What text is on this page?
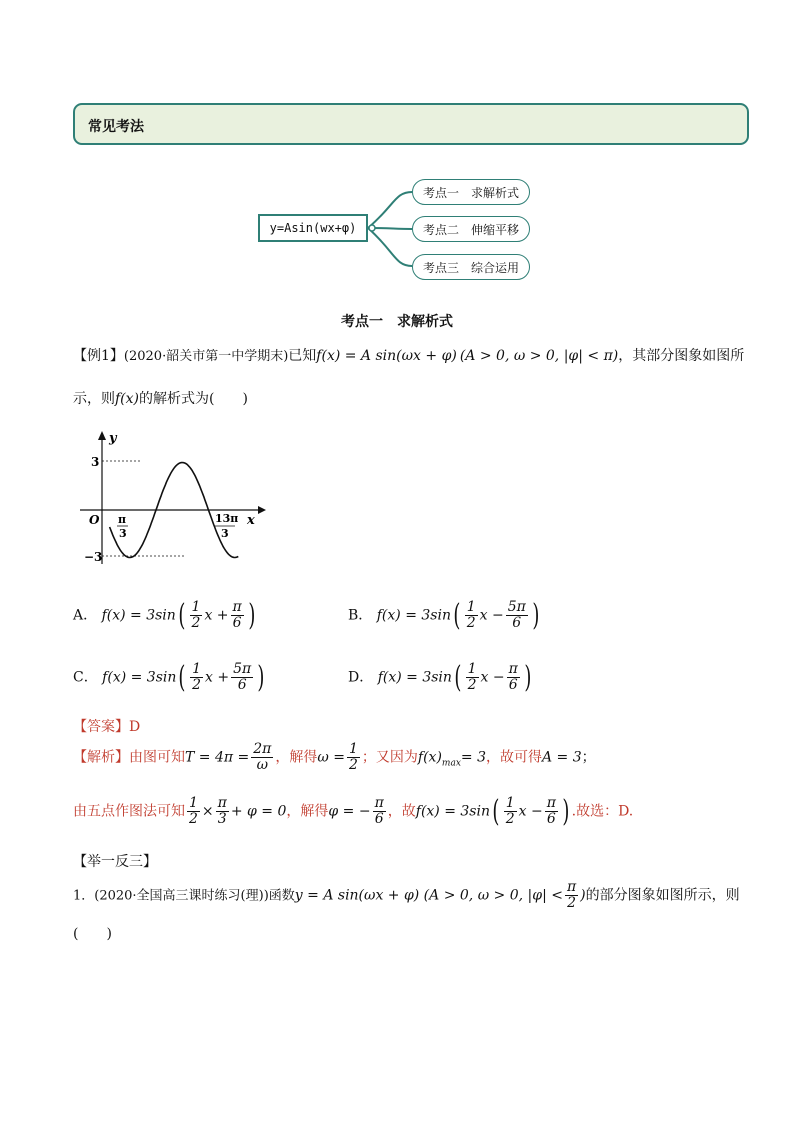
常见考法
y=Asin(wx+φ)
考点一　求解析式
考点二　伸缩平移
考点三　综合运用
考点一　求解析式
【例1】(2020·韶关市第一中学期末)已知f(x) = A sin(ωx + φ) (A > 0, ω > 0, |φ| < π)，其部分图象如图所
示，则f(x)的解析式为(　　)
y
x
O
3
−3
π
3
13π
3
A． $f(x) = 3\sin( \frac{1}{2}$ $x + \frac{\pi}{6}$ )	B． $f(x) = 3\sin( \frac{1}{2}$ $x - \frac{5\pi}{6}$ )
C． $f(x) = 3\sin( \frac{1}{2}$ $x + \frac{5\pi}{6}$ )	D． $f(x) = 3\sin( \frac{1}{2}$ $x - \frac{\pi}{6}$ )
【答案】D
【解析】由图可知$T = 4\pi = \frac{2\pi}{\omega}$ ，解得$\omega = \frac{1}{2}$ ；又因为$f(x)_{max}= 3$，故可得A = 3；
由五点作图法可知 $\frac{1}{2} \times \frac{\pi}{3} + \varphi = 0$，解得φ = − $\frac{\pi}{6}$ ，故$f(x) = 3\sin( \frac{1}{2}$ $x - \frac{\pi}{6}$ ) .故选：D.
【举一反三】
1．(2020·全国高三课时练习(理))函数y = A sin(ωx + φ) (A > 0, ω > 0, $|\varphi| < \frac{\pi}{2}$ )的部分图象如图所示，则
(　　)
